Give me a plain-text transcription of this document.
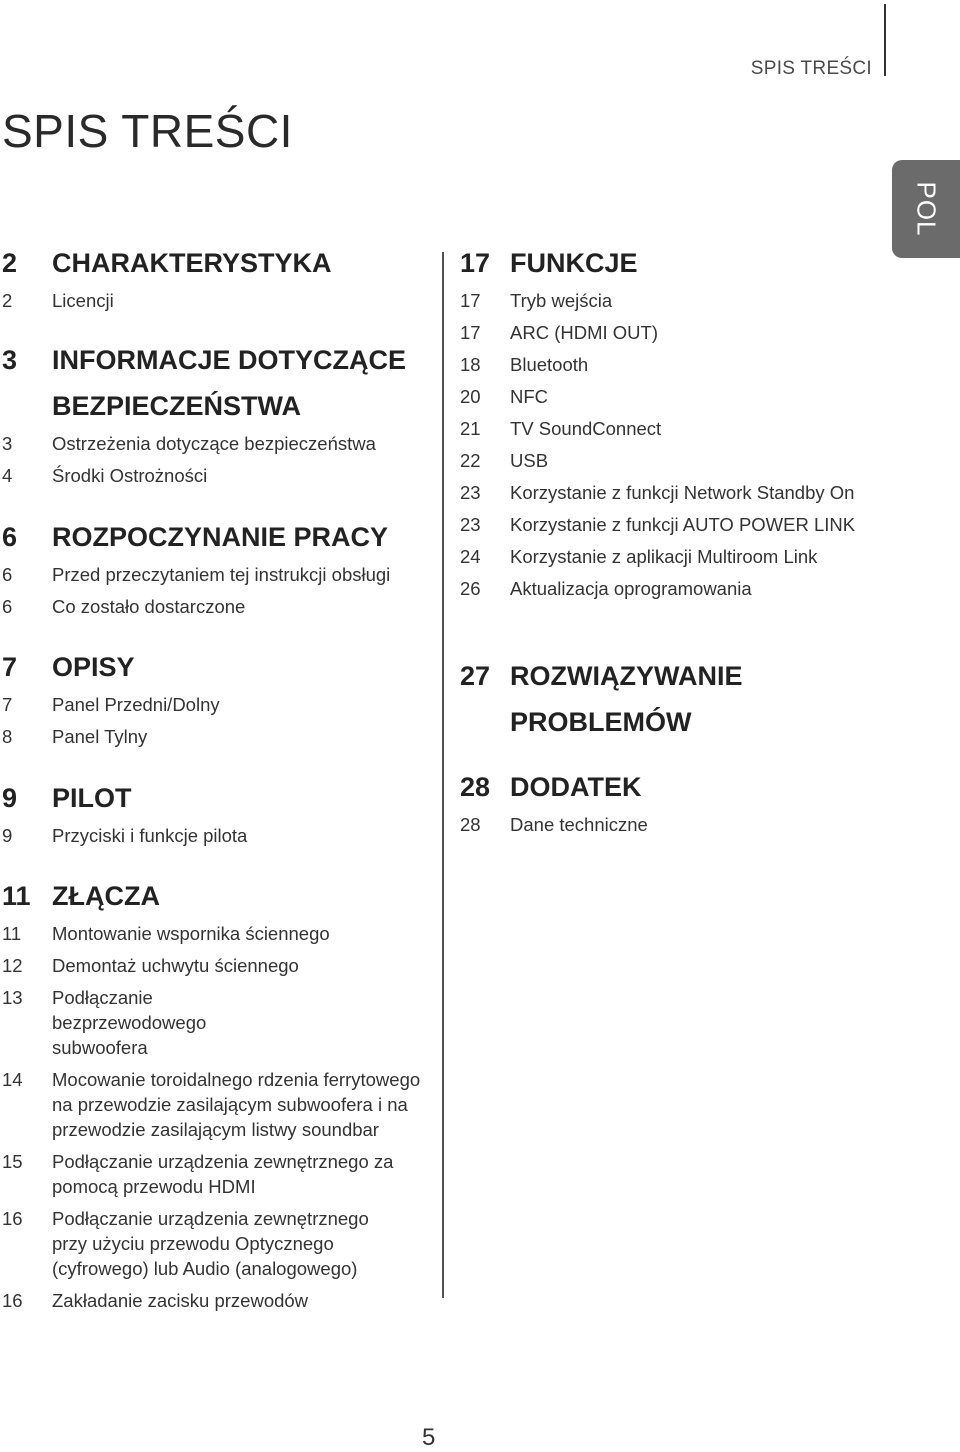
SPIS TREŚCI
SPIS TREŚCI
POL
2	CHARAKTERYSTYKA
2	Licencji
3	INFORMACJE DOTYCZĄCE BEZPIECZEŃSTWA
3	Ostrzeżenia dotyczące bezpieczeństwa
4	Środki Ostrożności
6	ROZPOCZYNANIE PRACY
6	Przed przeczytaniem tej instrukcji obsługi
6	Co zostało dostarczone
7	OPISY
7	Panel Przedni/Dolny
8	Panel Tylny
9	PILOT
9	Przyciski i funkcje pilota
11 ZŁĄCZA
11	Montowanie wspornika ściennego
12	Demontaż uchwytu ściennego
13	Podłączanie bezprzewodowego subwoofera
14	Mocowanie toroidalnego rdzenia ferrytowego na przewodzie zasilającym subwoofera i na przewodzie zasilającym listwy soundbar
15	Podłączanie urządzenia zewnętrznego za pomocą przewodu HDMI
16	Podłączanie urządzenia zewnętrznego przy użyciu przewodu Optycznego (cyfrowego) lub Audio (analogowego)
16	Zakładanie zacisku przewodów
17 FUNKCJE
17	Tryb wejścia
17	ARC (HDMI OUT)
18	Bluetooth
20	NFC
21	TV SoundConnect
22	USB
23	Korzystanie z funkcji Network Standby On
23	Korzystanie z funkcji AUTO POWER LINK
24	Korzystanie z aplikacji Multiroom Link
26	Aktualizacja oprogramowania
27 ROZWIĄZYWANIE PROBLEMÓW
28 DODATEK
28	Dane techniczne
5
